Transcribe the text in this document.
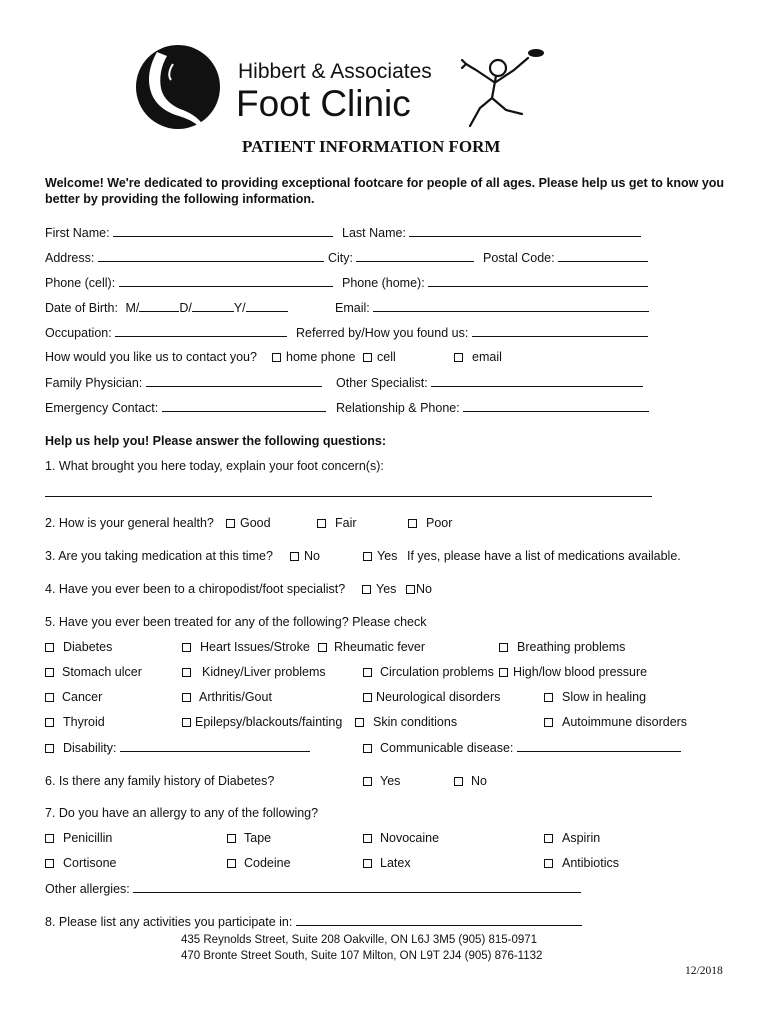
Hibbert & Associates
Foot Clinic
PATIENT INFORMATION FORM
Welcome! We're dedicated to providing exceptional footcare for people of all ages. Please help us get to know you
better by providing the following information.
First Name:	Last Name:
Address:	City:	Postal Code:
Phone (cell):	Phone (home):
Date of Birth: M/	D/	Y/	Email:
Occupation:	Referred by/How you found us:
How would you like us to contact you?	home phone	cell	email
Family Physician:	Other Specialist:
Emergency Contact:	Relationship & Phone:
Help us help you! Please answer the following questions:
1. What brought you here today, explain your foot concern(s):
2. How is your general health?	Good	Fair	Poor
3. Are you taking medication at this time?	No	Yes If yes, please have a list of medications available.
4. Have you ever been to a chiropodist/foot specialist?	Yes	No
5. Have you ever been treated for any of the following? Please check
Diabetes	Heart Issues/Stroke	Rheumatic fever	Breathing problems
Stomach ulcer	Kidney/Liver problems	Circulation problems	High/low blood pressure
Cancer	Arthritis/Gout	Neurological disorders	Slow in healing
Thyroid	Epilepsy/blackouts/fainting	Skin conditions	Autoimmune disorders
Disability:	Communicable disease:
6. Is there any family history of Diabetes?	Yes	No
7. Do you have an allergy to any of the following?
Penicillin	Tape	Novocaine	Aspirin
Cortisone	Codeine	Latex	Antibiotics
Other allergies:
8. Please list any activities you participate in:
435 Reynolds Street, Suite 208 Oakville, ON L6J 3M5 (905) 815-0971
470 Bronte Street South, Suite 107 Milton, ON L9T 2J4 (905) 876-1132
12/2018
